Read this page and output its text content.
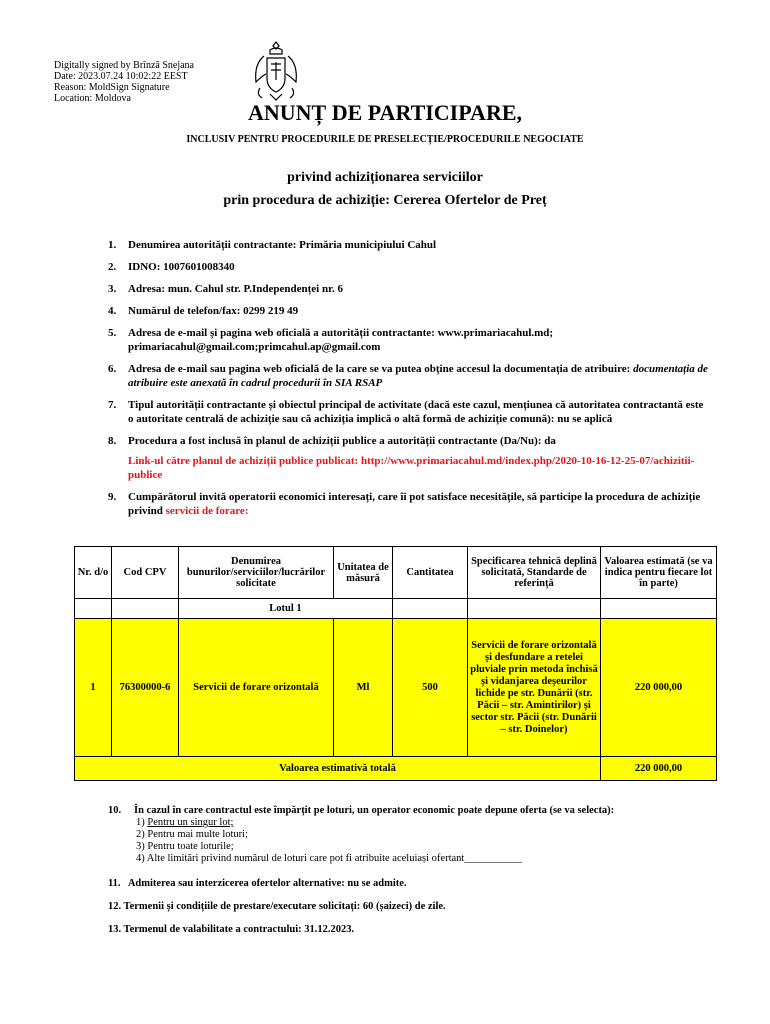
Digitally signed by Brînză Snejana
Date: 2023.07.24 10:02:22 EEST
Reason: MoldSign Signature
Location: Moldova
ANUNȚ DE PARTICIPARE,
INCLUSIV PENTRU PROCEDURILE DE PRESELECȚIE/PROCEDURILE NEGOCIATE
privind achiziționarea serviciilor
prin procedura de achiziție: Cererea Ofertelor de Preț
1.	Denumirea autorității contractante: Primăria municipiului Cahul
2.	IDNO: 1007601008340
3.	Adresa: mun. Cahul str. P.Independenței nr. 6
4.	Numărul de telefon/fax: 0299 219 49
5.	Adresa de e-mail și pagina web oficială a autorității contractante: www.primariacahul.md; primariacahul@gmail.com;primcahul.ap@gmail.com
6.	Adresa de e-mail sau pagina web oficială de la care se va putea obține accesul la documentația de atribuire: documentația de atribuire este anexată în cadrul procedurii în SIA RSAP
7.	Tipul autorității contractante și obiectul principal de activitate (dacă este cazul, mențiunea că autoritatea contractantă este o autoritate centrală de achiziție sau că achiziția implică o altă formă de achiziție comună): nu se aplică
8.	Procedura a fost inclusă în planul de achiziții publice a autorității contractante (Da/Nu): da
Link-ul către planul de achiziții publice publicat: http://www.primariacahul.md/index.php/2020-10-16-12-25-07/achizitii-publice
9.	Cumpărătorul invită operatorii economici interesați, care îi pot satisface necesitățile, să participe la procedura de achiziție privind servicii de forare:
Nr. d/o	Cod CPV	Denumirea bunurilor/serviciilor/lucrărilor solicitate	Unitatea de măsură	Cantitatea	Specificarea tehnică deplină solicitată, Standarde de referință	Valoarea estimată (se va indica pentru fiecare lot în parte)
		Lotul 1				
1	76300000-6	Servicii de forare orizontală	Ml	500	Servicii de forare orizontală și desfundare a retelei pluviale prin metoda închisă și vidanjarea deșeurilor lichide pe str. Dunării (str. Păcii – str. Amintirilor) și sector str. Păcii (str. Dunării – str. Doinelor)	220 000,00
Valoarea estimativă totală						220 000,00
10.	În cazul în care contractul este împărțit pe loturi, un operator economic poate depune oferta (se va selecta):
1) Pentru un singur lot;
2) Pentru mai multe loturi;
3) Pentru toate loturile;
4) Alte limitări privind numărul de loturi care pot fi atribuite aceluiași ofertant___________
11.   Admiterea sau interzicerea ofertelor alternative: nu se admite.
12. Termenii și condițiile de prestare/executare solicitați: 60 (șaizeci) de zile.
13. Termenul de valabilitate a contractului: 31.12.2023.
